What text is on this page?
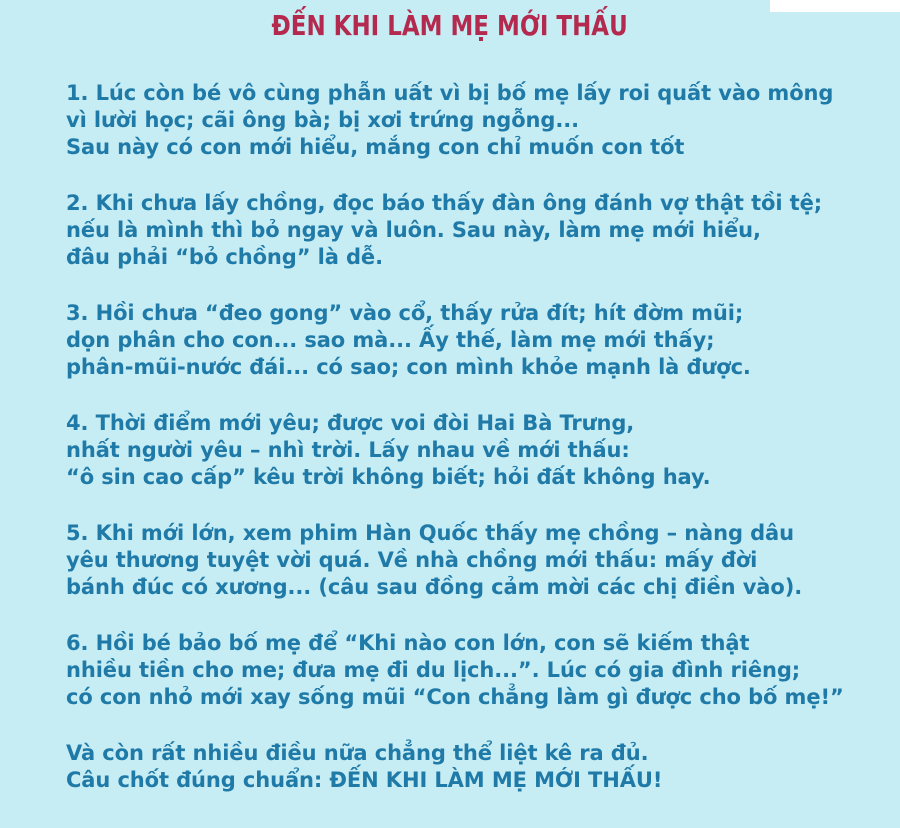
ĐẾN KHI LÀM MẸ MỚI THẤU
1. Lúc còn bé vô cùng phẫn uất vì bị bố mẹ lấy roi quất vào mông
vì lười học; cãi ông bà; bị xơi trứng ngỗng...
Sau này có con mới hiểu, mắng con chỉ muốn con tốt
2. Khi chưa lấy chồng, đọc báo thấy đàn ông đánh vợ thật tồi tệ;
nếu là mình thì bỏ ngay và luôn. Sau này, làm mẹ mới hiểu,
đâu phải “bỏ chồng” là dễ.
3. Hồi chưa “đeo gong” vào cổ, thấy rửa đít; hít đờm mũi;
dọn phân cho con... sao mà... Ấy thế, làm mẹ mới thấy;
phân-mũi-nước đái... có sao; con mình khỏe mạnh là được.
4. Thời điểm mới yêu; được voi đòi Hai Bà Trưng,
nhất người yêu – nhì trời. Lấy nhau về mới thấu:
“ô sin cao cấp” kêu trời không biết; hỏi đất không hay.
5. Khi mới lớn, xem phim Hàn Quốc thấy mẹ chồng – nàng dâu
yêu thương tuyệt vời quá. Về nhà chồng mới thấu: mấy đời
bánh đúc có xương... (câu sau đồng cảm mời các chị điền vào).
6. Hồi bé bảo bố mẹ để “Khi nào con lớn, con sẽ kiếm thật
nhiều tiền cho me; đưa mẹ đi du lịch...”. Lúc có gia đình riêng;
có con nhỏ mới xay sống mũi “Con chẳng làm gì được cho bố mẹ!”
Và còn rất nhiều điều nữa chẳng thể liệt kê ra đủ.
Câu chốt đúng chuẩn: ĐẾN KHI LÀM MẸ MỚI THẤU!
